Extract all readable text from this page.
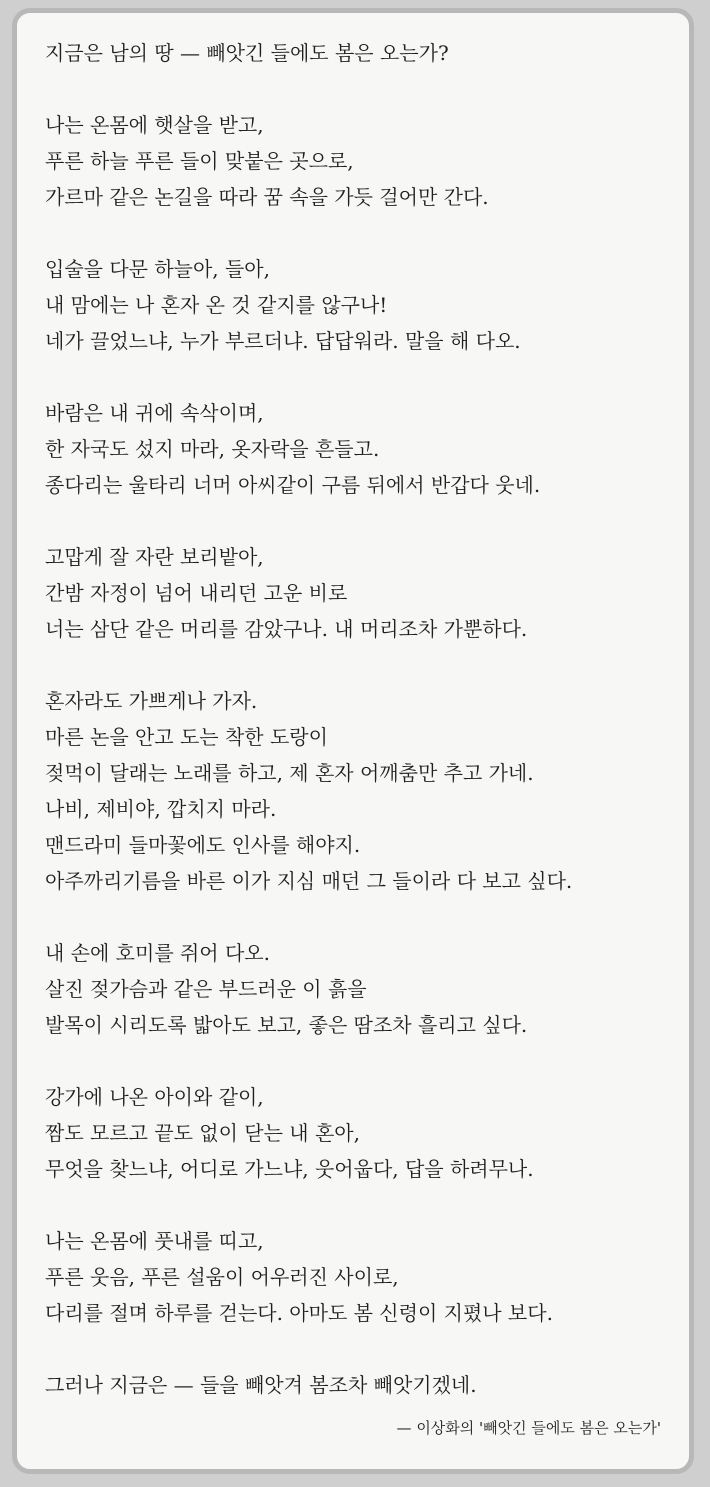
지금은 남의 땅 — 빼앗긴 들에도 봄은 오는가?
나는 온몸에 햇살을 받고,
푸른 하늘 푸른 들이 맞붙은 곳으로,
가르마 같은 논길을 따라 꿈 속을 가듯 걸어만 간다.
입술을 다문 하늘아, 들아,
내 맘에는 나 혼자 온 것 같지를 않구나!
네가 끌었느냐, 누가 부르더냐. 답답워라. 말을 해 다오.
바람은 내 귀에 속삭이며,
한 자국도 섰지 마라, 옷자락을 흔들고.
종다리는 울타리 너머 아씨같이 구름 뒤에서 반갑다 웃네.
고맙게 잘 자란 보리밭아,
간밤 자정이 넘어 내리던 고운 비로
너는 삼단 같은 머리를 감았구나. 내 머리조차 가뿐하다.
혼자라도 가쁘게나 가자.
마른 논을 안고 도는 착한 도랑이
젖먹이 달래는 노래를 하고, 제 혼자 어깨춤만 추고 가네.
나비, 제비야, 깝치지 마라.
맨드라미 들마꽃에도 인사를 해야지.
아주까리기름을 바른 이가 지심 매던 그 들이라 다 보고 싶다.
내 손에 호미를 쥐어 다오.
살진 젖가슴과 같은 부드러운 이 흙을
발목이 시리도록 밟아도 보고, 좋은 땀조차 흘리고 싶다.
강가에 나온 아이와 같이,
짬도 모르고 끝도 없이 닫는 내 혼아,
무엇을 찾느냐, 어디로 가느냐, 웃어웁다, 답을 하려무나.
나는 온몸에 풋내를 띠고,
푸른 웃음, 푸른 설움이 어우러진 사이로,
다리를 절며 하루를 걷는다. 아마도 봄 신령이 지폈나 보다.
그러나 지금은 — 들을 빼앗겨 봄조차 빼앗기겠네.
— 이상화의 '빼앗긴 들에도 봄은 오는가'
